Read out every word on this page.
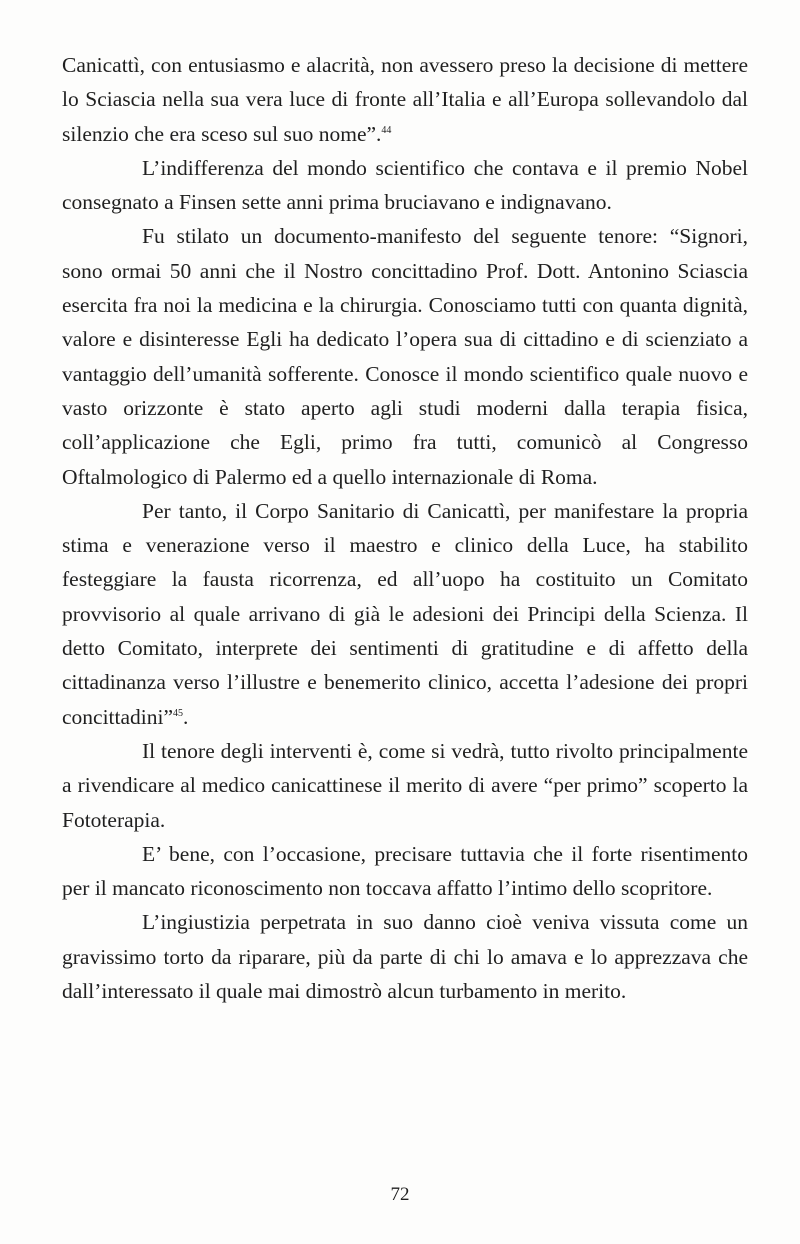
Canicattì, con entusiasmo e alacrità, non avessero preso la decisione di mettere lo Sciascia nella sua vera luce di fronte all’Italia e all’Europa sollevandolo dal silenzio che era sceso sul suo nome”.$^{44}$

L’indifferenza del mondo scientifico che contava e il premio Nobel consegnato a Finsen sette anni prima bruciavano e indignavano.

Fu stilato un documento-manifesto del seguente tenore: “Signori, sono ormai 50 anni che il Nostro concittadino Prof. Dott. Antonino Sciascia esercita fra noi la medicina e la chirurgia. Conosciamo tutti con quanta dignità, valore e disinteresse Egli ha dedicato l’opera sua di cittadino e di scienziato a vantaggio dell’umanità sofferente. Conosce il mondo scientifico quale nuovo e vasto orizzonte è stato aperto agli studi moderni dalla terapia fisica, coll’applicazione che Egli, primo fra tutti, comunicò al Congresso Oftalmologico di Palermo ed a quello internazionale di Roma.

Per tanto, il Corpo Sanitario di Canicattì, per manifestare la propria stima e venerazione verso il maestro e clinico della Luce, ha stabilito festeggiare la fausta ricorrenza, ed all’uopo ha costituito un Comitato provvisorio al quale arrivano di già le adesioni dei Principi della Scienza. Il detto Comitato, interprete dei sentimenti di gratitudine e di affetto della cittadinanza verso l’illustre e benemerito clinico, accetta l’adesione dei propri concittadini”$^{45}$.

Il tenore degli interventi è, come si vedrà, tutto rivolto principalmente a rivendicare al medico canicattinese il merito di avere “per primo” scoperto la Fototerapia.

E’ bene, con l’occasione, precisare tuttavia che il forte risentimento per il mancato riconoscimento non toccava affatto l’intimo dello scopritore.

L’ingiustizia perpetrata in suo danno cioè veniva vissuta come un gravissimo torto da riparare, più da parte di chi lo amava e lo apprezzava che dall’interessato il quale mai dimostrò alcun turbamento in merito.

72
